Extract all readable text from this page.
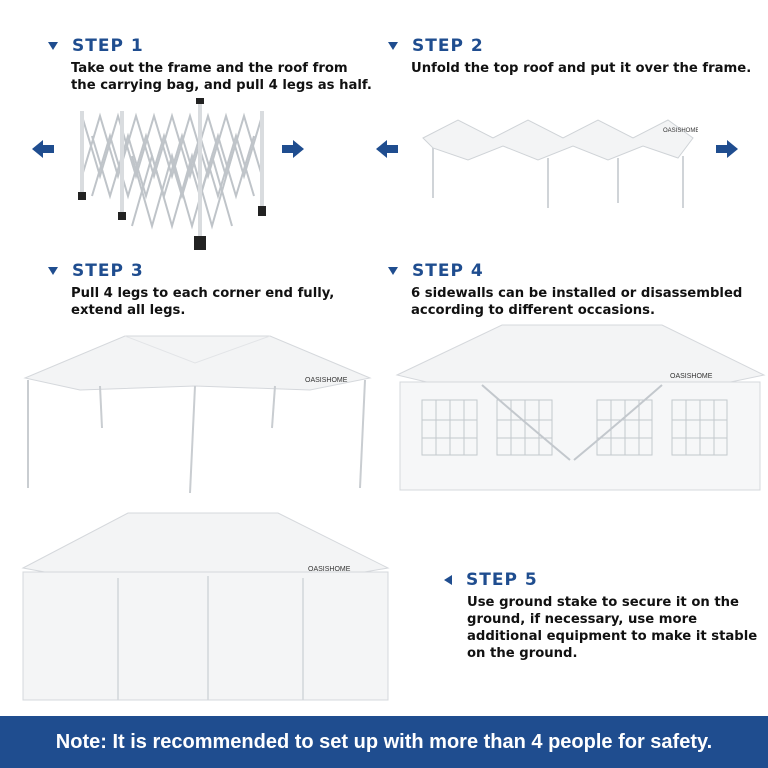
STEP 1
Take out the frame and the roof from
the carrying bag, and pull 4 legs as half.
STEP 2
Unfold the top roof and put it over the frame.
OASISHOME
STEP 3
Pull 4 legs to each corner end fully,
extend all legs.
STEP 4
6 sidewalls can be installed or disassembled
according to different occasions.
OASISHOME
OASISHOME
OASISHOME
STEP 5
Use ground stake to secure it on the
ground, if necessary, use more
additional equipment to make it stable
on the ground.
Note: It is recommended to set up with more than 4 people for safety.
